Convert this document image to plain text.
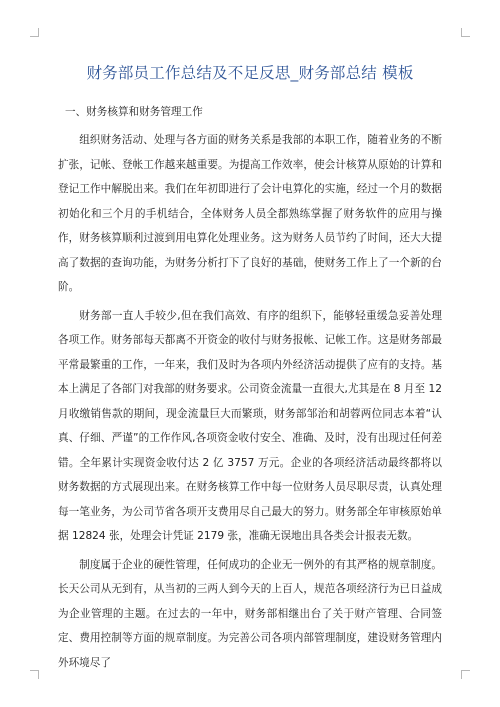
财务部员工作总结及不足反思_财务部总结 模板
一、财务核算和财务管理工作

组织财务活动、处理与各方面的财务关系是我部的本职工作，随着业务的不断扩张，记帐、登帐工作越来越重要。为提高工作效率，使会计核算从原始的计算和登记工作中解脱出来。我们在年初即进行了会计电算化的实施，经过一个月的数据初始化和三个月的手机结合，全体财务人员全都熟练掌握了财务软件的应用与操作，财务核算顺利过渡到用电算化处理业务。这为财务人员节约了时间，还大大提高了数据的查询功能，为财务分析打下了良好的基础，使财务工作上了一个新的台阶。

财务部一直人手较少,但在我们高效、有序的组织下，能够轻重缓急妥善处理各项工作。财务部每天都离不开资金的收付与财务报帐、记帐工作。这是财务部最平常最繁重的工作，一年来，我们及时为各项内外经济活动提供了应有的支持。基本上满足了各部门对我部的财务要求。公司资金流量一直很大,尤其是在 8 月至 12 月收缴销售款的期间，现金流量巨大而繁琐，财务部邹治和胡蓉两位同志本着“认真、仔细、严谨”的工作作风,各项资金收付安全、准确、及时，没有出现过任何差错。全年累计实现资金收付达 2 亿 3757 万元。企业的各项经济活动最终都将以财务数据的方式展现出来。在财务核算工作中每一位财务人员尽职尽责，认真处理每一笔业务，为公司节省各项开支费用尽自己最大的努力。财务部全年审核原始单据 12824 张，处理会计凭证 2179 张，准确无误地出具各类会计报表无数。

制度属于企业的硬性管理，任何成功的企业无一例外的有其严格的规章制度。长天公司从无到有，从当初的三两人到今天的上百人，规范各项经济行为已日益成为企业管理的主题。在过去的一年中，财务部相继出台了关于财产管理、合同签定、费用控制等方面的规章制度。为完善公司各项内部管理制度，建设财务管理内外环境尽了
